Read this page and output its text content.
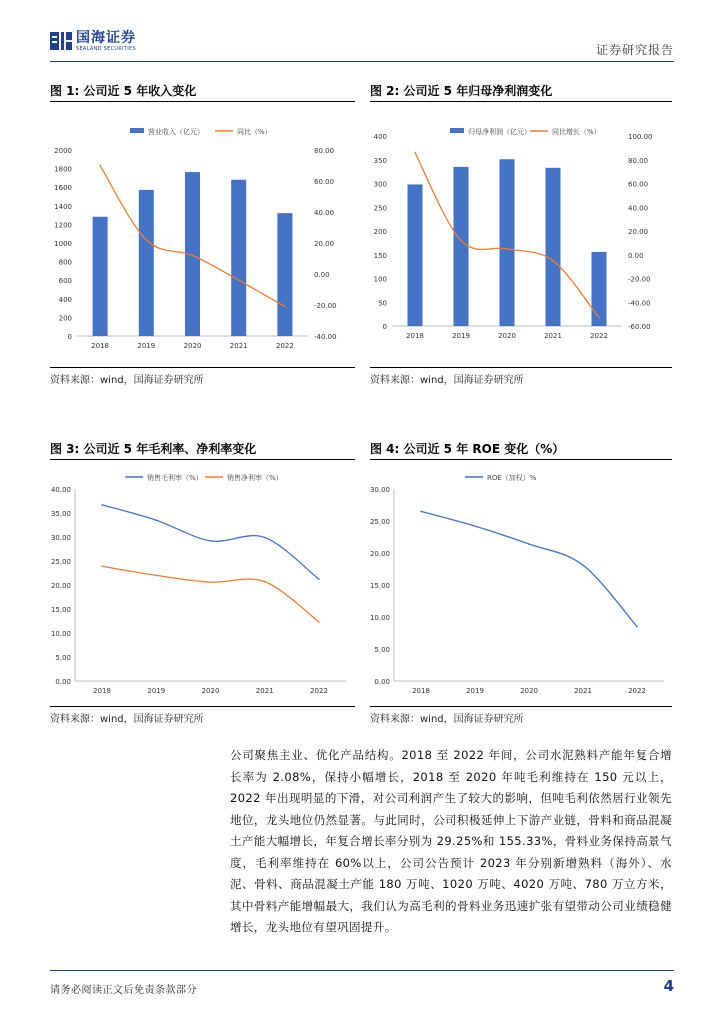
国海证券
SEALAND SECURITIES	证券研究报告
图 1: 公司近 5 年收入变化
营业收入（亿元）	同比（%）
0
200
400
600
800
1000
1200
1400
1600
1800
2000
-40.00
-20.00
0.00
20.00
40.00
60.00
80.00
2018	2019	2020	2021	2022
资料来源：wind，国海证券研究所
图 2: 公司近 5 年归母净利润变化
归母净利润（亿元）	同比增长（%）
0
50
100
150
200
250
300
350
400
-60.00
-40.00
-20.00
0.00
20.00
40.00
60.00
80.00
100.00
2018	2019	2020	2021	2022
资料来源：wind，国海证券研究所
图 3: 公司近 5 年毛利率、净利率变化
销售毛利率（%）	销售净利率（%）
0.00
5.00
10.00
15.00
20.00
25.00
30.00
35.00
40.00
2018	2019	2020	2021	2022
资料来源：wind，国海证券研究所
图 4: 公司近 5 年 ROE 变化（%）
ROE（加权）%
0.00
5.00
10.00
15.00
20.00
25.00
30.00
2018	2019	2020	2021	2022
资料来源：wind，国海证券研究所
公司聚焦主业、优化产品结构。2018 至 2022 年间，公司水泥熟料产能年复合增长率为 2.08%，保持小幅增长，2018 至 2020 年吨毛利维持在 150 元以上，2022 年出现明显的下滑，对公司利润产生了较大的影响，但吨毛利依然居行业领先地位，龙头地位仍然显著。与此同时，公司积极延伸上下游产业链，骨料和商品混凝土产能大幅增长，年复合增长率分别为 29.25%和 155.33%，骨料业务保持高景气度，毛利率维持在 60%以上，公司公告预计 2023 年分别新增熟料（海外）、水泥、骨料、商品混凝土产能 180 万吨、1020 万吨、4020 万吨、780 万立方米，其中骨料产能增幅最大，我们认为高毛利的骨料业务迅速扩张有望带动公司业绩稳健增长，龙头地位有望巩固提升。
请务必阅读正文后免责条款部分	4
